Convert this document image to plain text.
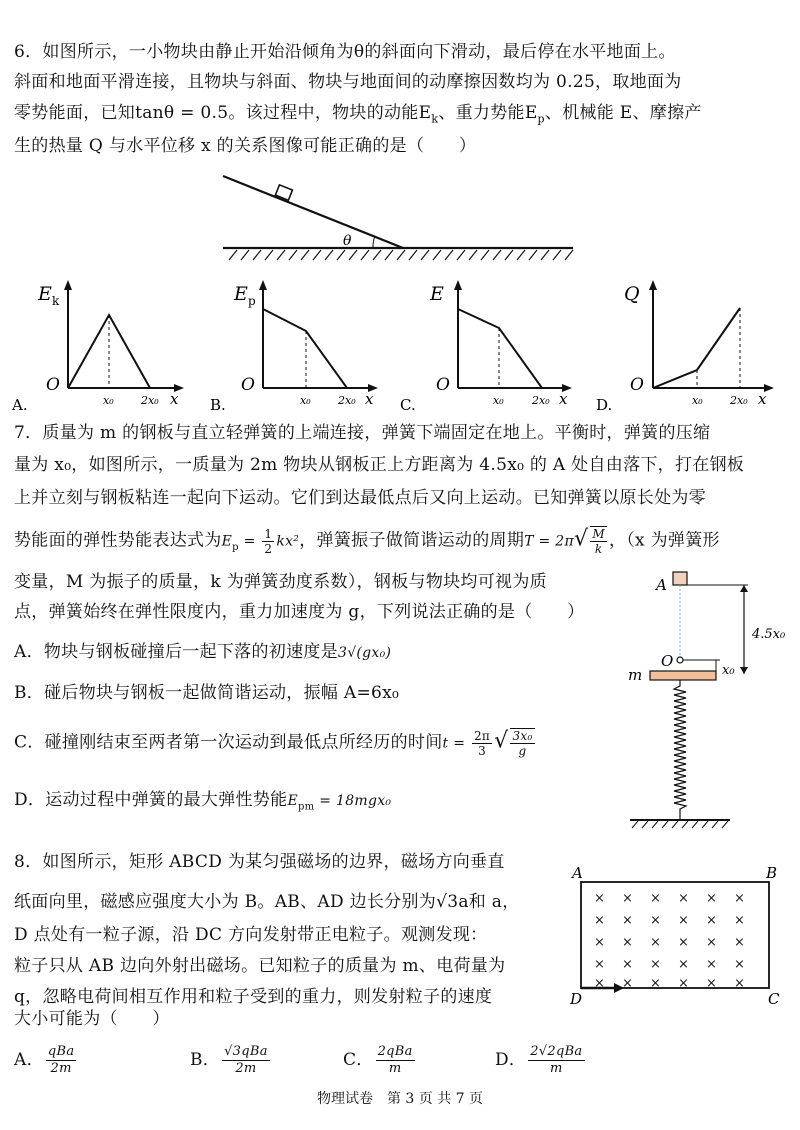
6．如图所示，一小物块由静止开始沿倾角为θ的斜面向下滑动，最后停在水平地面上。
斜面和地面平滑连接，且物块与斜面、物块与地面间的动摩擦因数均为 0.25，取地面为
零势能面，已知tanθ = 0.5。该过程中，物块的动能$E_k$、重力势能$E_p$、机械能 E、摩擦产
生的热量 Q 与水平位移 x 的关系图像可能正确的是（　　）
θ
A.
E k
O
x₀ 2x₀ x B.
E p
O
x₀ 2x₀ x C.
E
O
x₀	2x₀ x D.
Q
O
x₀ 2x₀ x
7．质量为 m 的钢板与直立轻弹簧的上端连接，弹簧下端固定在地上。平衡时，弹簧的压缩
量为 x₀，如图所示，一质量为 2m 物块从钢板正上方距离为 4.5x₀ 的 A 处自由落下，打在钢板
上并立刻与钢板粘连一起向下运动。它们到达最低点后又向上运动。已知弹簧以原长处为零
势能面的弹性势能表达式为$E_p = \frac{1}{2} kx^2$，弹簧振子做简谐运动的周期$T = 2\pi√ \frac{M}{k}$ ，（x 为弹簧形
变量，M 为振子的质量，k 为弹簧劲度系数），钢板与物块均可视为质
点，弹簧始终在弹性限度内，重力加速度为 g，下列说法正确的是（　　）
A．物块与钢板碰撞后一起下落的初速度是3√(gx₀)
B．碰后物块与钢板一起做简谐运动，振幅 A=6x₀
C．碰撞刚结束至两者第一次运动到最低点所经历的时间$t = \frac{2\pi}{3}$ √ $\frac{\text{3x₀}}{g}$
D．运动过程中弹簧的最大弹性势能$E_{pm} = 18mgx_0$
A
4.5x₀
O
x₀
m
8．如图所示，矩形 ABCD 为某匀强磁场的边界，磁场方向垂直
纸面向里，磁感应强度大小为 B。AB、AD 边长分别为√3a和 a，
D 点处有一粒子源，沿 DC 方向发射带正电粒子。观测发现：
粒子只从 AB 边向外射出磁场。已知粒子的质量为 m、电荷量为
q，忽略电荷间相互作用和粒子受到的重力，则发射粒子的速度
大小可能为（　　）
A． $\frac{\text{qBa}}{2m}$	B． $\frac{\text{√3qBa}}{2m}$	C． $\frac{\text{2qBa}}{m}$	D． $\frac{\text{2√2qBa}}{m}$
A	B
D	C
× × × × × ×
× × × × × ×
× × × × × ×
× × × × × ×
× × × × × ×
物理试卷　第 3 页 共 7 页
